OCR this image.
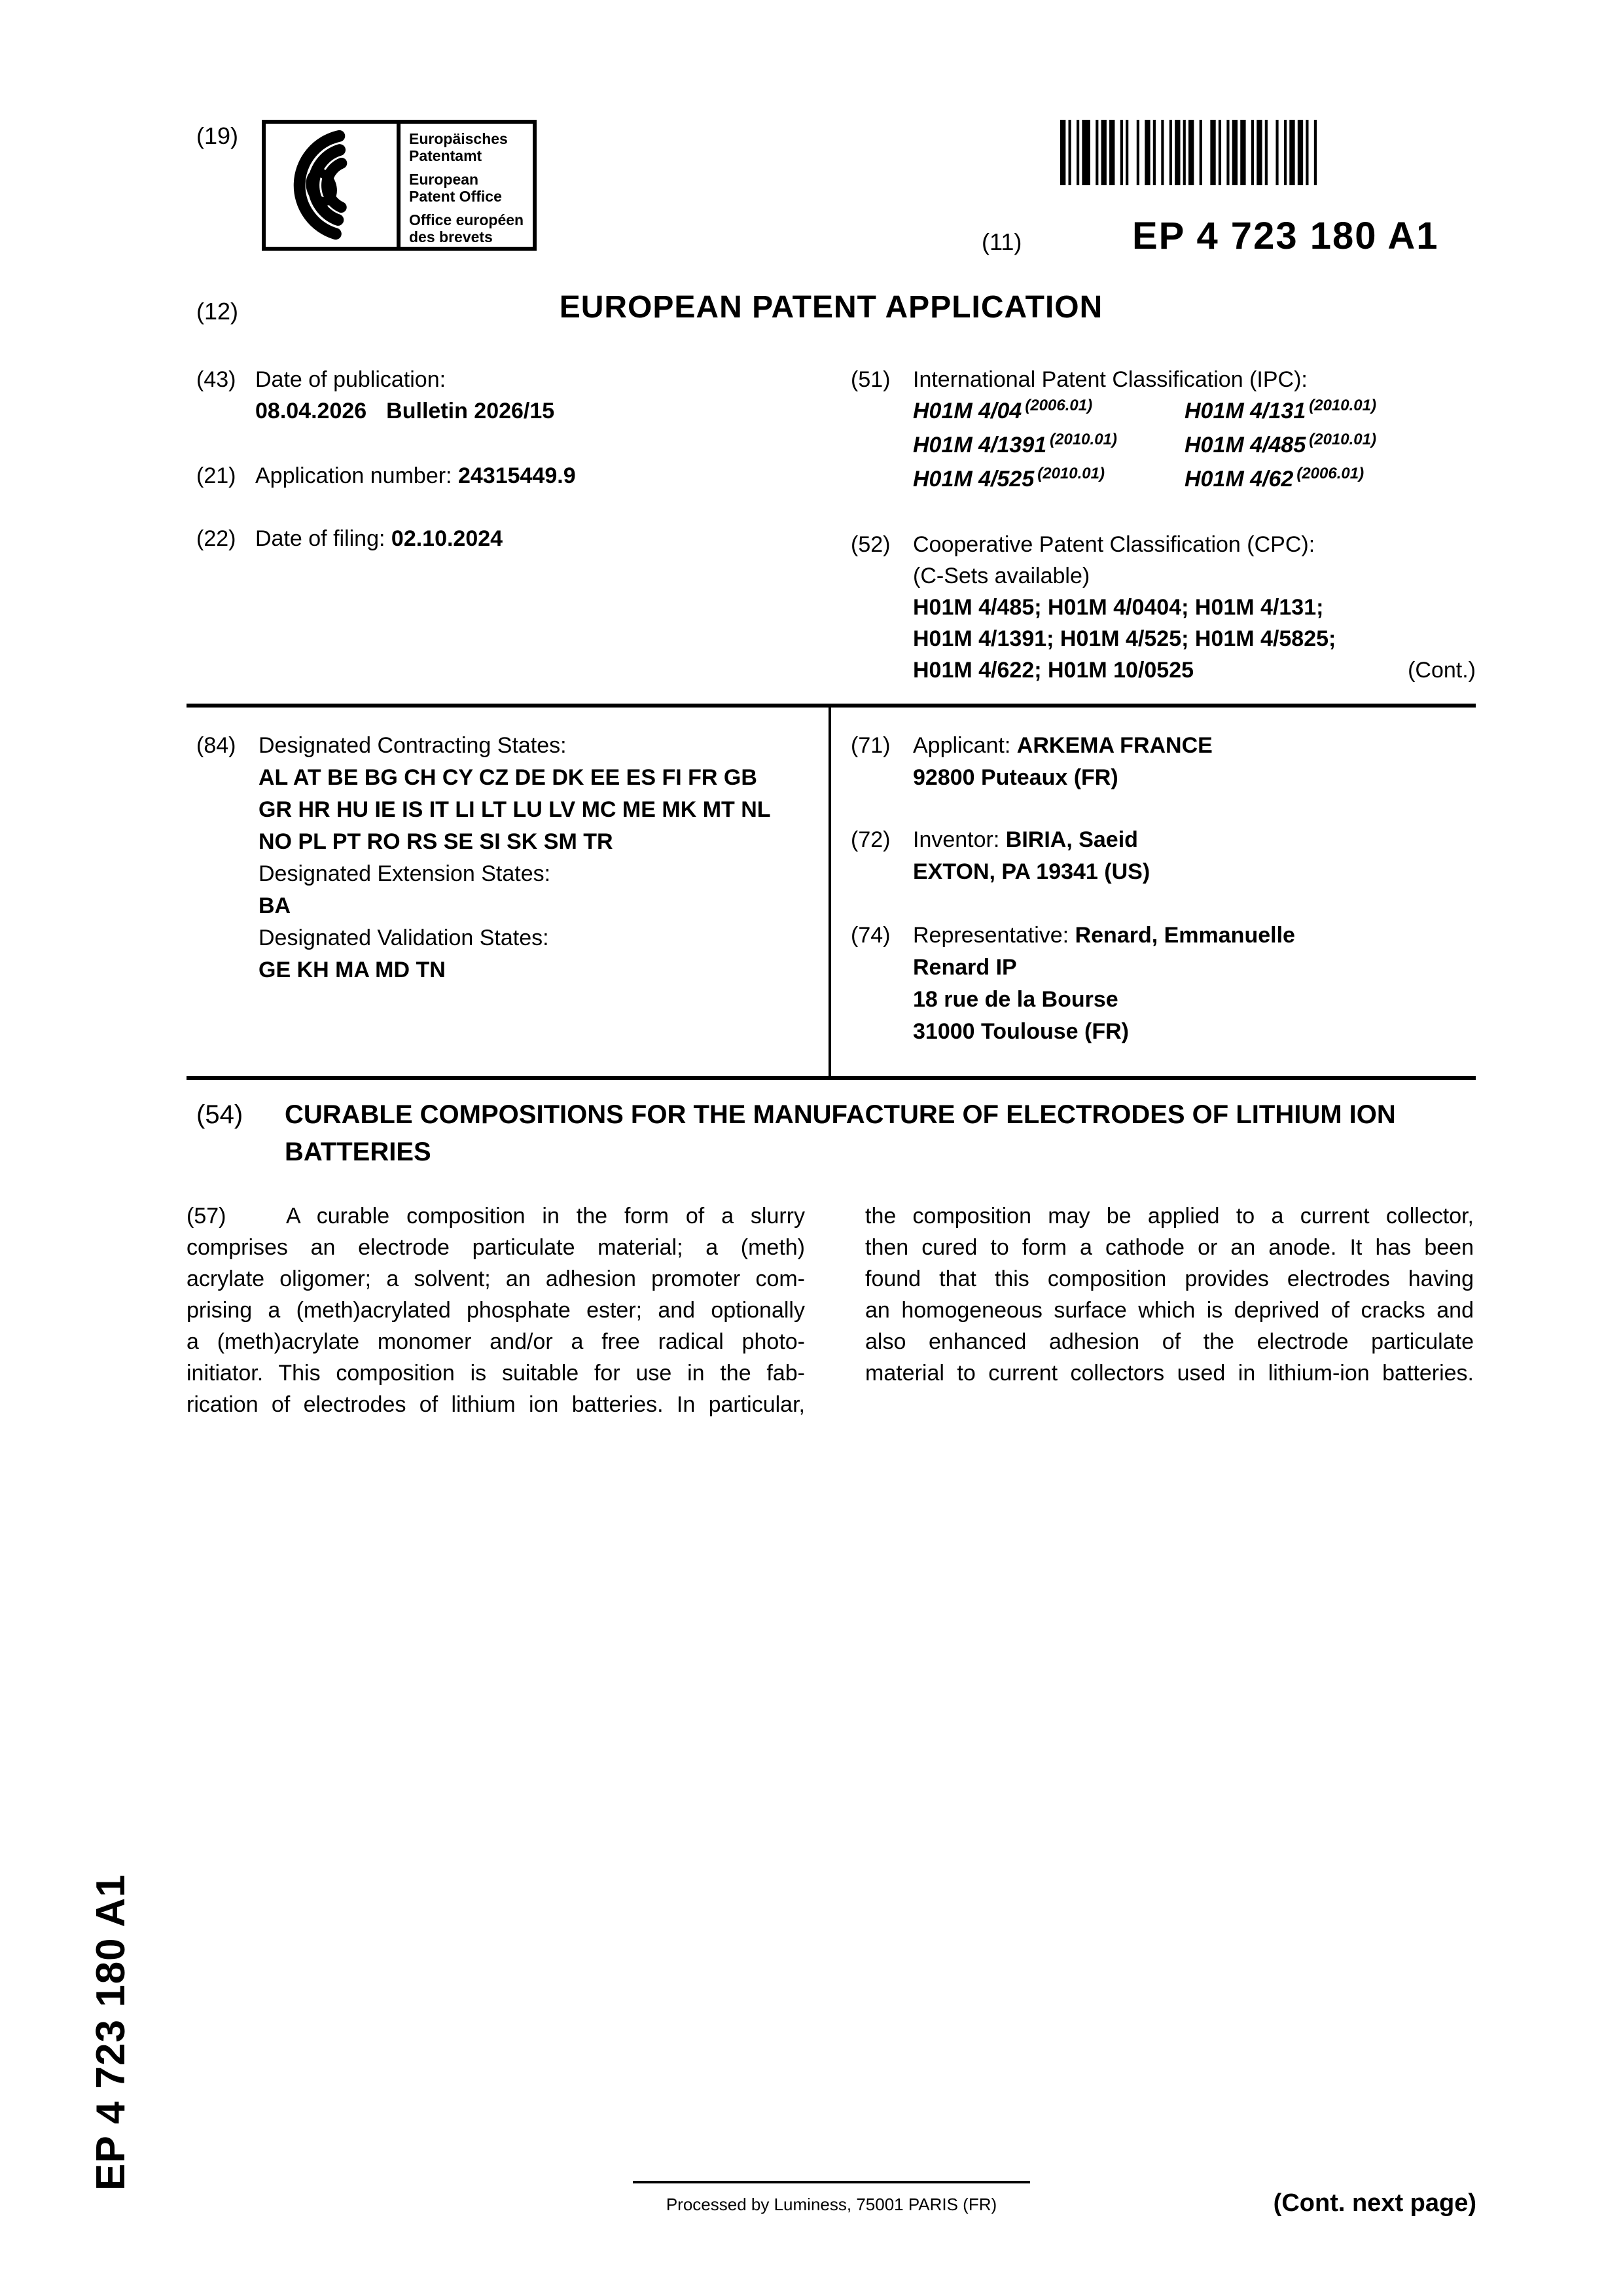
(19)	Europäisches
Patentamt
European
Patent Office
Office européen
des brevets	(11)	EP 4 723 180 A1
(12)	EUROPEAN PATENT APPLICATION
(43) Date of publication:
08.04.2026 Bulletin 2026/15
(21) Application number: 24315449.9
(22) Date of filing: 02.10.2024
(51)	International Patent Classification (IPC):
H01M 4/04 $^{(2006.01)}$	H01M 4/131 $^{(2010.01)}$
H01M 4/1391 $^{(2010.01)}$	H01M 4/485 $^{(2010.01)}$
H01M 4/525 $^{(2010.01)}$	H01M 4/62 $^{(2006.01)}$
(52)	Cooperative Patent Classification (CPC):
(C-Sets available)
H01M 4/485; H01M 4/0404; H01M 4/131;
H01M 4/1391; H01M 4/525; H01M 4/5825;
H01M 4/622; H01M 10/0525	(Cont.)
(84)	Designated Contracting States:
AL AT BE BG CH CY CZ DE DK EE ES FI FR GB
GR HR HU IE IS IT LI LT LU LV MC ME MK MT NL
NO PL PT RO RS SE SI SK SM TR
Designated Extension States:
BA
Designated Validation States:
GE KH MA MD TN
(71)	Applicant: ARKEMA FRANCE
92800 Puteaux (FR)
(72)	Inventor: BIRIA, Saeid
EXTON, PA 19341 (US)
(74)	Representative: Renard, Emmanuelle
Renard IP
18 rue de la Bourse
31000 Toulouse (FR)
(54)	CURABLE COMPOSITIONS FOR THE MANUFACTURE OF ELECTRODES OF LITHIUM ION
BATTERIES
(57)	A curable composition in the form of a slurry
comprises an electrode particulate material; a (meth)
acrylate oligomer; a solvent; an adhesion promoter com-
prising a (meth)acrylated phosphate ester; and optionally
a (meth)acrylate monomer and/or a free radical photo-
initiator. This composition is suitable for use in the fab-
rication of electrodes of lithium ion batteries. In particular,
the composition may be applied to a current collector,
then cured to form a cathode or an anode. It has been
found that this composition provides electrodes having
an homogeneous surface which is deprived of cracks and
also enhanced adhesion of the electrode particulate
material to current collectors used in lithium-ion batteries.
EP 4 723 180 A1
Processed by Luminess, 75001 PARIS (FR)	(Cont. next page)
